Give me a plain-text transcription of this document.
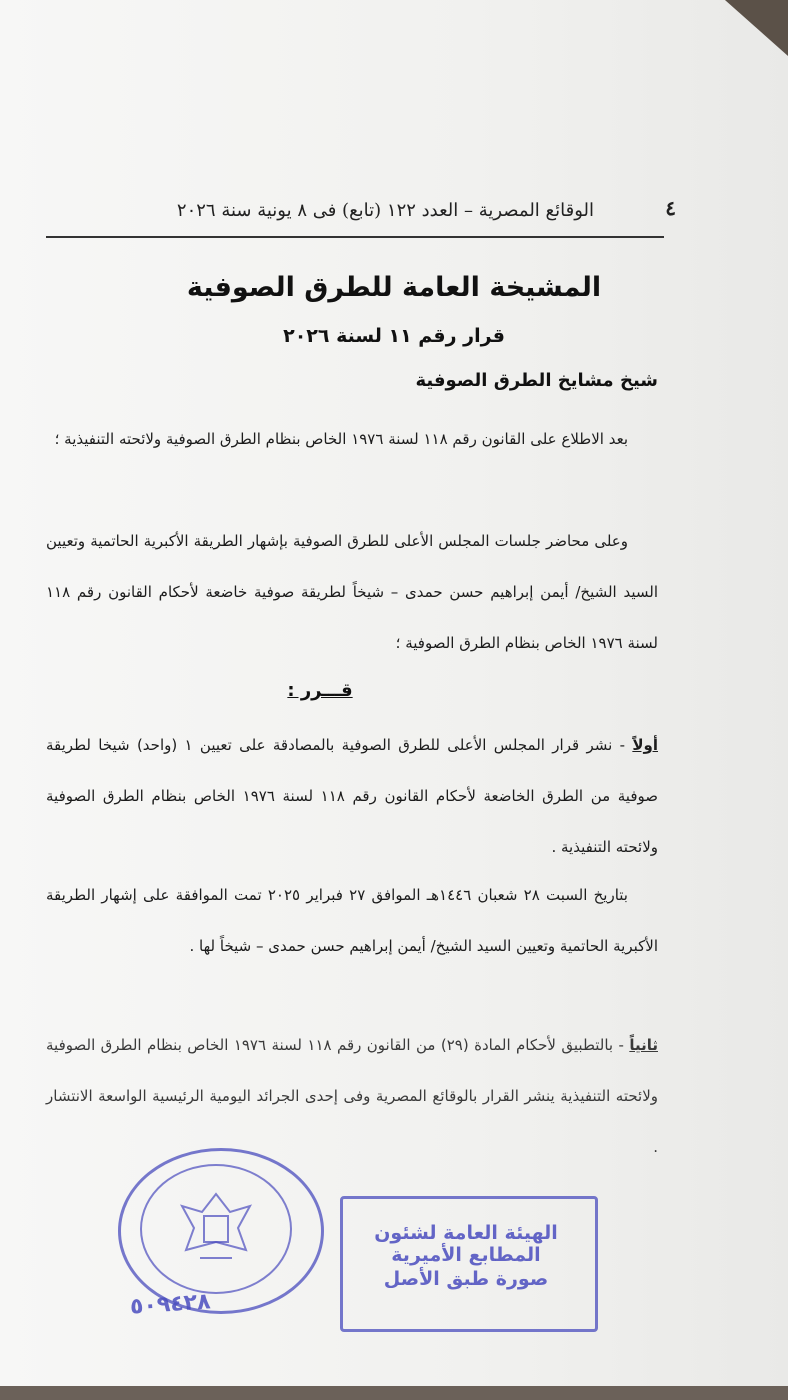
٤
الوقائع المصرية – العدد ١٢٢ (تابع) فى ٨ يونية سنة ٢٠٢٦
المشيخة العامة للطرق الصوفية
قرار رقم ١١ لسنة ٢٠٢٦
شيخ مشايخ الطرق الصوفية
بعد الاطلاع على القانون رقم ١١٨ لسنة ١٩٧٦ الخاص بنظام الطرق الصوفية ولائحته التنفيذية ؛
وعلى محاضر جلسات المجلس الأعلى للطرق الصوفية بإشهار الطريقة الأكبرية الحاتمية وتعيين السيد الشيخ/ أيمن إبراهيم حسن حمدى – شيخاً لطريقة صوفية خاضعة لأحكام القانون رقم ١١٨ لسنة ١٩٧٦ الخاص بنظام الطرق الصوفية ؛
قـــرر :
أولاً - نشر قرار المجلس الأعلى للطرق الصوفية بالمصادقة على تعيين ١ (واحد) شيخا لطريقة صوفية من الطرق الخاضعة لأحكام القانون رقم ١١٨ لسنة ١٩٧٦ الخاص بنظام الطرق الصوفية ولائحته التنفيذية .
بتاريخ السبت ٢٨ شعبان ١٤٤٦هـ الموافق ٢٧ فبراير ٢٠٢٥ تمت الموافقة على إشهار الطريقة الأكبرية الحاتمية وتعيين السيد الشيخ/ أيمن إبراهيم حسن حمدى – شيخاً لها .
ثانياً - بالتطبيق لأحكام المادة (٢٩) من القانون رقم ١١٨ لسنة ١٩٧٦ الخاص بنظام الطرق الصوفية ولائحته التنفيذية ينشر القرار بالوقائع المصرية وفى إحدى الجرائد اليومية الرئيسية الواسعة الانتشار .
٥٠٩٤٢٨
الهيئة العامة لشئون المطابع الأميرية
صورة طبق الأصل
